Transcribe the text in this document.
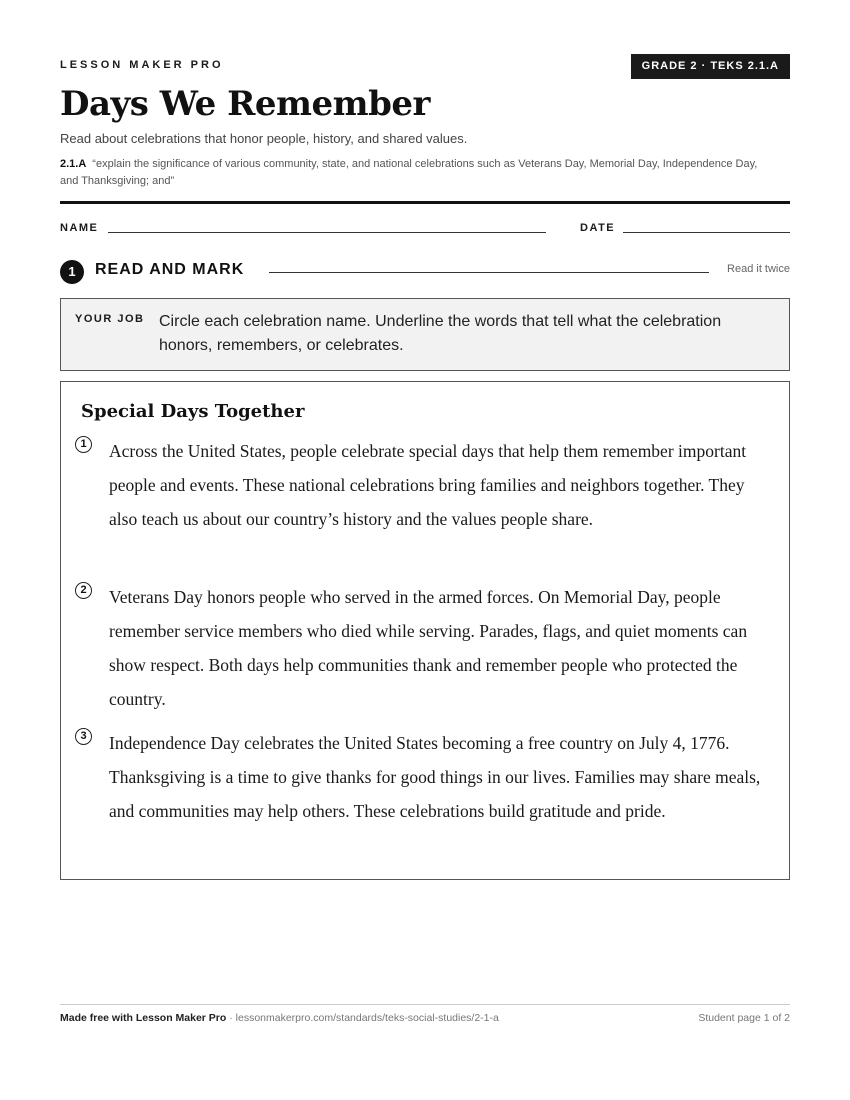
LESSON MAKER PRO	GRADE 2 · TEKS 2.1.A
Days We Remember
Read about celebrations that honor people, history, and shared values.
2.1.A “explain the significance of various community, state, and national celebrations such as Veterans Day, Memorial Day, Independence Day, and Thanksgiving; and”
NAME	DATE
1	READ AND MARK	Read it twice
YOUR JOB Circle each celebration name. Underline the words that tell what the celebration honors, remembers, or celebrates.
Special Days Together
1	Across the United States, people celebrate special days that help them remember important people and events. These national celebrations bring families and neighbors together. They also teach us about our country’s history and the values people share.

2	Veterans Day honors people who served in the armed forces. On Memorial Day, people remember service members who died while serving. Parades, flags, and quiet moments can show respect. Both days help communities thank and remember people who protected the country.

3	Independence Day celebrates the United States becoming a free country on July 4, 1776. Thanksgiving is a time to give thanks for good things in our lives. Families may share meals, and communities may help others. These celebrations build gratitude and pride.

Made free with Lesson Maker Pro · lessonmakerpro.com/standards/teks-social-studies/2-1-a	Student page 1 of 2
